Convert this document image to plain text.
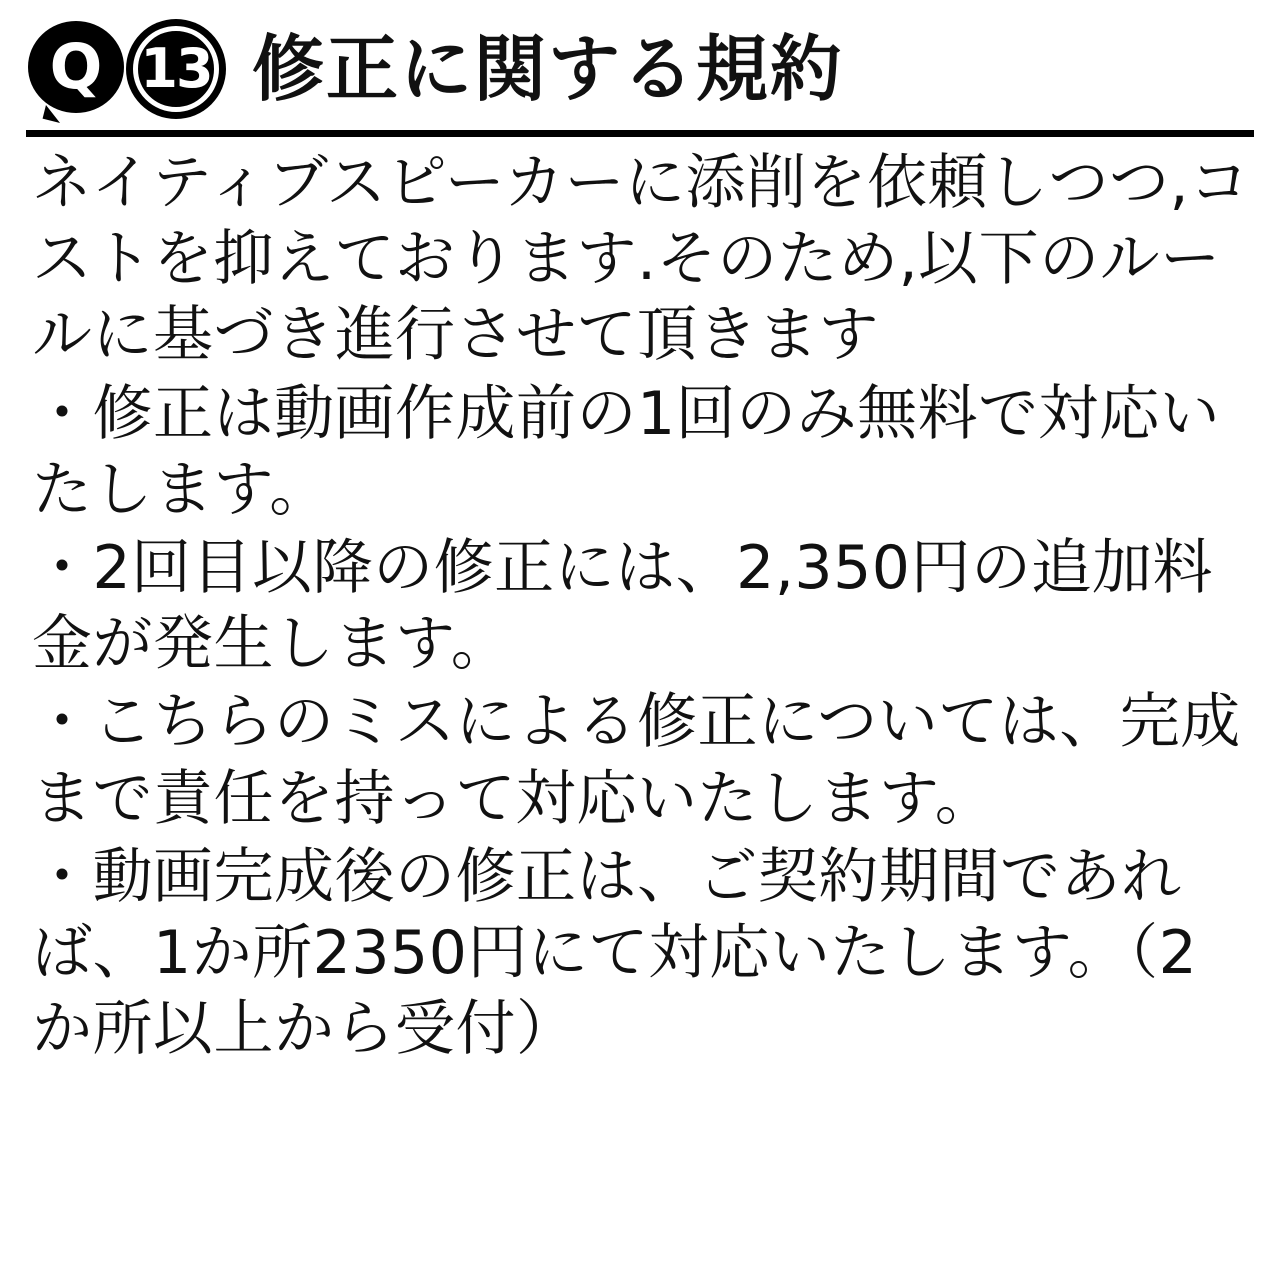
Q 13 修正に関する規約

ネイティブスピーカーに添削を依頼しつつ,コストを抑えております.そのため,以下のルールに基づき進行させて頂きます

・修正は動画作成前の1回のみ無料で対応いたします。

・2回目以降の修正には、2,350円の追加料金が発生します。

・こちらのミスによる修正については、完成まで責任を持って対応いたします。

・動画完成後の修正は、ご契約期間であれば、1か所2350円にて対応いたします。（2か所以上から受付）
